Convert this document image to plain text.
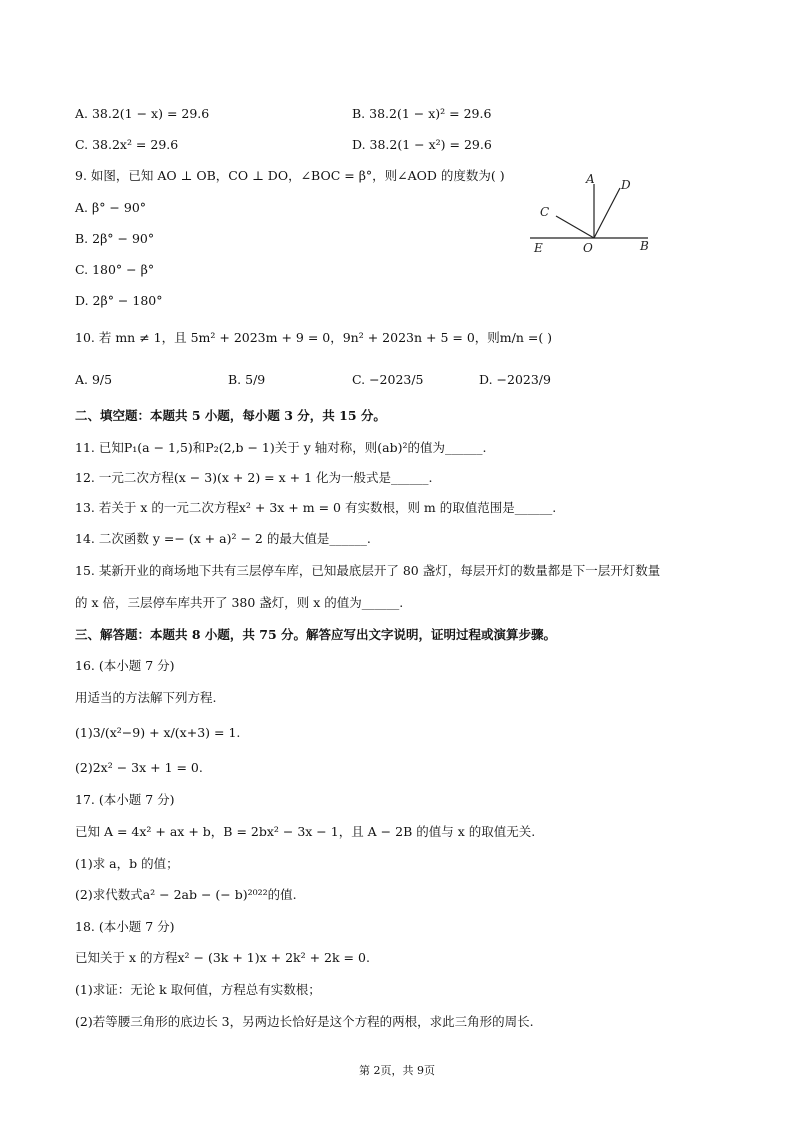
A. 38.2(1 − x) = 29.6	B. 38.2(1 − x)² = 29.6
C. 38.2x² = 29.6	D. 38.2(1 − x²) = 29.6
9. 如图，已知 AO ⊥ OB，CO ⊥ DO，∠BOC = β°，则∠AOD 的度数为( )
A. β° − 90°
B. 2β° − 90°
C. 180° − β°
D. 2β° − 180°
A D
C
E	O	B
10. 若 mn ≠ 1，且 5m² + 2023m + 9 = 0，9n² + 2023n + 5 = 0，则m/n =( )
A. 9/5	B. 5/9	C. −2023/5	D. −2023/9
二、填空题：本题共 5 小题，每小题 3 分，共 15 分。
11. 已知P₁(a − 1,5)和P₂(2,b − 1)关于 y 轴对称，则(ab)²的值为______.
12. 一元二次方程(x − 3)(x + 2) = x + 1 化为一般式是______.
13. 若关于 x 的一元二次方程x² + 3x + m = 0 有实数根，则 m 的取值范围是______.
14. 二次函数 y =− (x + a)² − 2 的最大值是______.
15. 某新开业的商场地下共有三层停车库，已知最底层开了 80 盏灯，每层开灯的数量都是下一层开灯数量
的 x 倍，三层停车库共开了 380 盏灯，则 x 的值为______.
三、解答题：本题共 8 小题，共 75 分。解答应写出文字说明，证明过程或演算步骤。
16. (本小题 7 分)
用适当的方法解下列方程.
(1)3/(x²−9) + x/(x+3) = 1.
(2)2x² − 3x + 1 = 0.
17. (本小题 7 分)
已知 A = 4x² + ax + b，B = 2bx² − 3x − 1，且 A − 2B 的值与 x 的取值无关.
(1)求 a，b 的值；
(2)求代数式a² − 2ab − (− b)²⁰²²的值.
18. (本小题 7 分)
已知关于 x 的方程x² − (3k + 1)x + 2k² + 2k = 0.
(1)求证：无论 k 取何值，方程总有实数根；
(2)若等腰三角形的底边长 3，另两边长恰好是这个方程的两根，求此三角形的周长.
第 2页，共 9页
